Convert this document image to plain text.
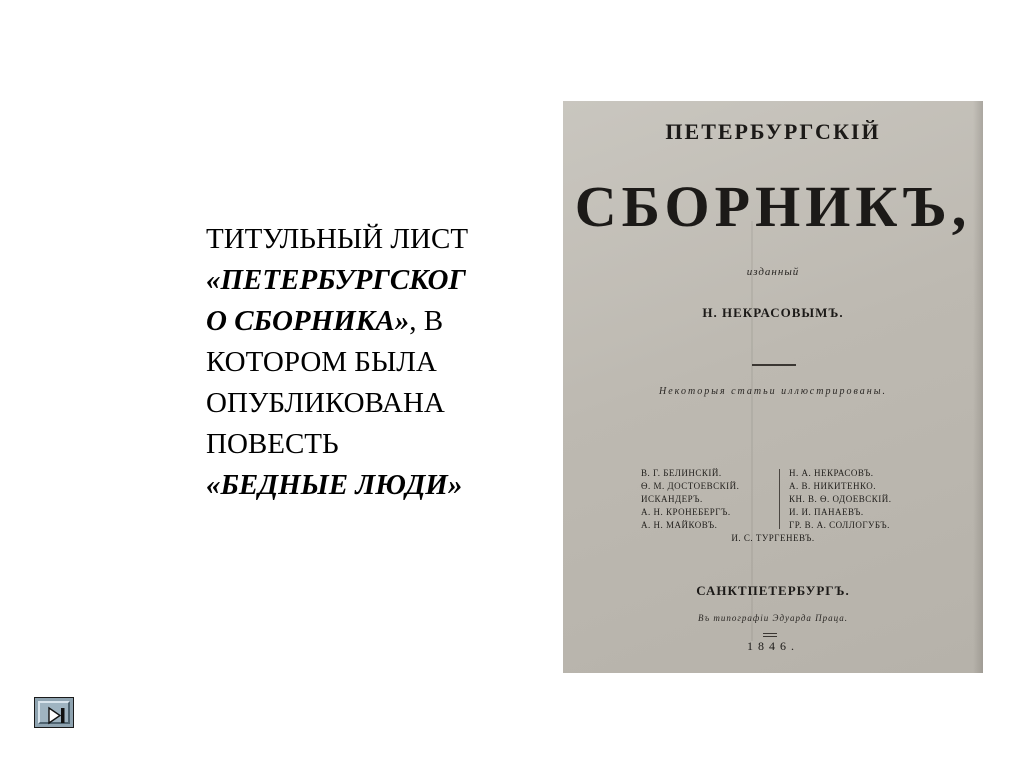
ТИТУЛЬНЫЙ ЛИСТ
«ПЕТЕРБУРГСКОГ
О СБОРНИКА», В
КОТОРОМ БЫЛА
ОПУБЛИКОВАНА
ПОВЕСТЬ
«БЕДНЫЕ ЛЮДИ»
ПЕТЕРБУРГСКIЙ
СБОРНИКЪ,
изданный
Н. НЕКРАСОВЫМЪ.
Некоторыя статьи иллюстрированы.
В. Г. БЕЛИНСКIЙ.
Ѳ. М. ДОСТОЕВСКIЙ.
ИСКАНДЕРЪ.
А. Н. КРОНЕБЕРГЪ.
А. Н. МАЙКОВЪ.
Н. А. НЕКРАСОВЪ.
А. В. НИКИТЕНКО.
КН. В. Ѳ. ОДОЕВСКIЙ.
И. И. ПАНАЕВЪ.
ГР. В. А. СОЛЛОГУБЪ.
И. С. ТУРГЕНЕВЪ.
САНКТПЕТЕРБУРГЪ.
Въ типографiи Эдуарда Праца.
1846.
